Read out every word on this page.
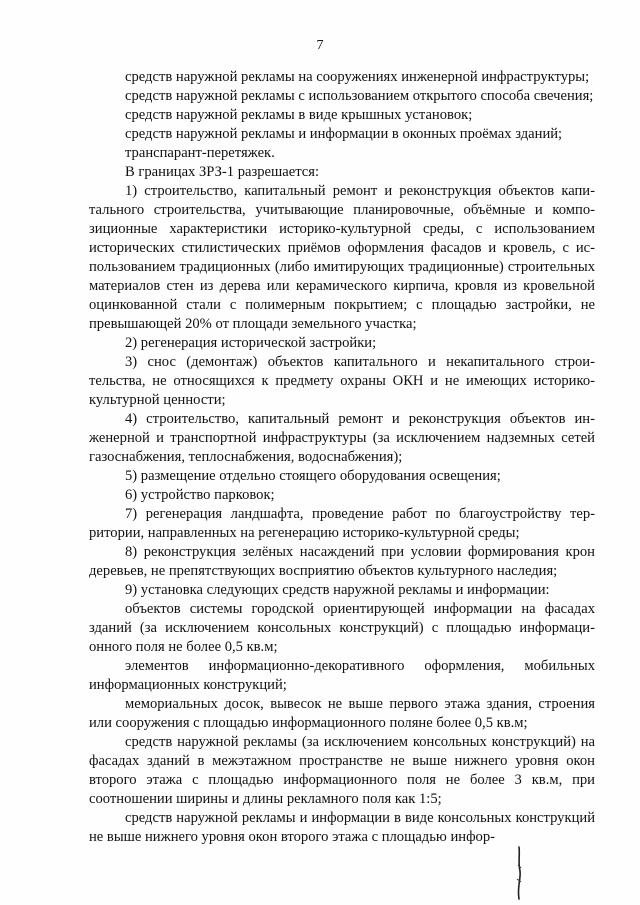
7

средств наружной рекламы на сооружениях инженерной инфраструктуры;

средств наружной рекламы с использованием открытого способа свечения;

средств наружной рекламы в виде крышных установок;

средств наружной рекламы и информации в оконных проёмах зданий;

транспарант-перетяжек.

В границах ЗРЗ-1 разрешается:

1) строительство, капитальный ремонт и реконструкция объектов капитального строительства, учитывающие планировочные, объёмные и композиционные характеристики историко-культурной среды, с использованием исторических стилистических приёмов оформления фасадов и кровель, с использованием традиционных (либо имитирующих традиционные) строительных материалов стен из дерева или керамического кирпича, кровля из кровельной оцинкованной стали с полимерным покрытием; с площадью застройки, не превышающей 20% от площади земельного участка;

2) регенерация исторической застройки;

3) снос (демонтаж) объектов капитального и некапитального строительства, не относящихся к предмету охраны ОКН и не имеющих историко-культурной ценности;

4) строительство, капитальный ремонт и реконструкция объектов инженерной и транспортной инфраструктуры (за исключением надземных сетей газоснабжения, теплоснабжения, водоснабжения);

5) размещение отдельно стоящего оборудования освещения;

6) устройство парковок;

7) регенерация ландшафта, проведение работ по благоустройству территории, направленных на регенерацию историко-культурной среды;

8) реконструкция зелёных насаждений при условии формирования крон деревьев, не препятствующих восприятию объектов культурного наследия;

9) установка следующих средств наружной рекламы и информации:

объектов системы городской ориентирующей информации на фасадах зданий (за исключением консольных конструкций) с площадью информационного поля не более 0,5 кв.м;

элементов информационно-декоративного оформления, мобильных информационных конструкций;

мемориальных досок, вывесок не выше первого этажа здания, строения или сооружения с площадью информационного поляне более 0,5 кв.м;

средств наружной рекламы (за исключением консольных конструкций) на фасадах зданий в межэтажном пространстве не выше нижнего уровня окон второго этажа с площадью информационного поля не более 3 кв.м, при соотношении ширины и длины рекламного поля как 1:5;

средств наружной рекламы и информации в виде консольных конструкций не выше нижнего уровня окон второго этажа с площадью инфор-
